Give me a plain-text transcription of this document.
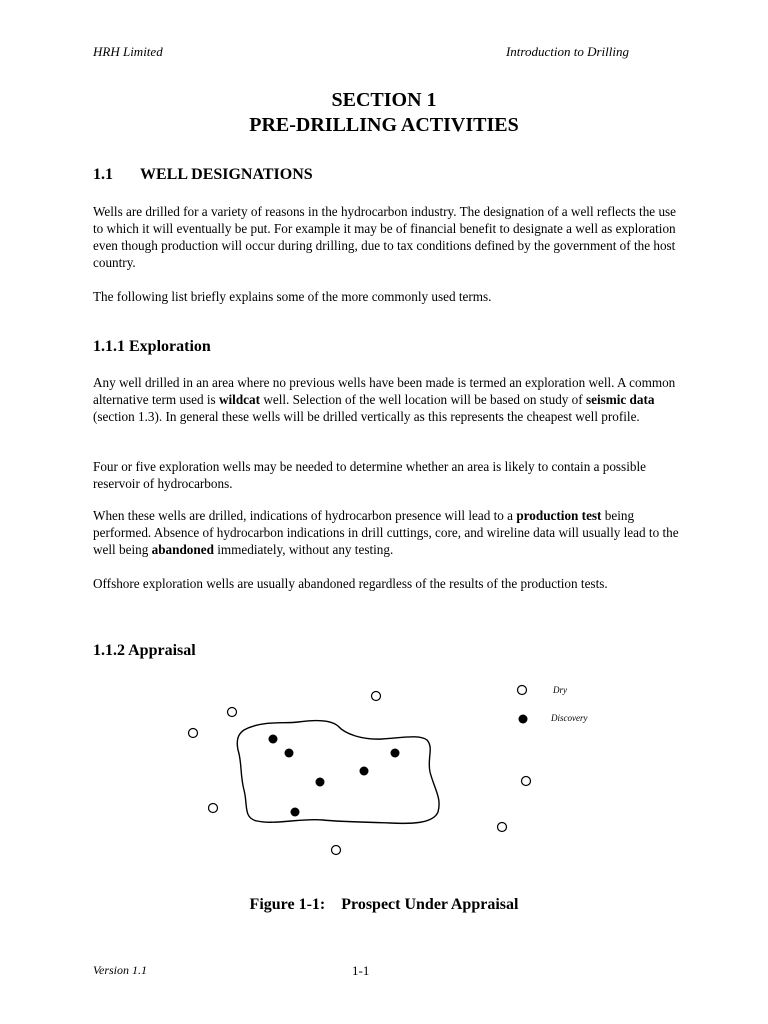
HRH Limited	Introduction to Drilling
SECTION 1
PRE-DRILLING ACTIVITIES
1.1 WELL DESIGNATIONS
Wells are drilled for a variety of reasons in the hydrocarbon industry. The designation of a well reflects the use to which it will eventually be put. For example it may be of financial benefit to designate a well as exploration even though production will occur during drilling, due to tax conditions defined by the government of the host country.
The following list briefly explains some of the more commonly used terms.
1.1.1 Exploration
Any well drilled in an area where no previous wells have been made is termed an exploration well. A common alternative term used is wildcat well. Selection of the well location will be based on study of seismic data (section 1.3). In general these wells will be drilled vertically as this represents the cheapest well profile.
Four or five exploration wells may be needed to determine whether an area is likely to contain a possible reservoir of hydrocarbons.
When these wells are drilled, indications of hydrocarbon presence will lead to a production test being performed. Absence of hydrocarbon indications in drill cuttings, core, and wireline data will usually lead to the well being abandoned immediately, without any testing.
Offshore exploration wells are usually abandoned regardless of the results of the production tests.
1.1.2 Appraisal
Dry
Discovery
Figure 1-1: Prospect Under Appraisal
Version 1.1	1-1
